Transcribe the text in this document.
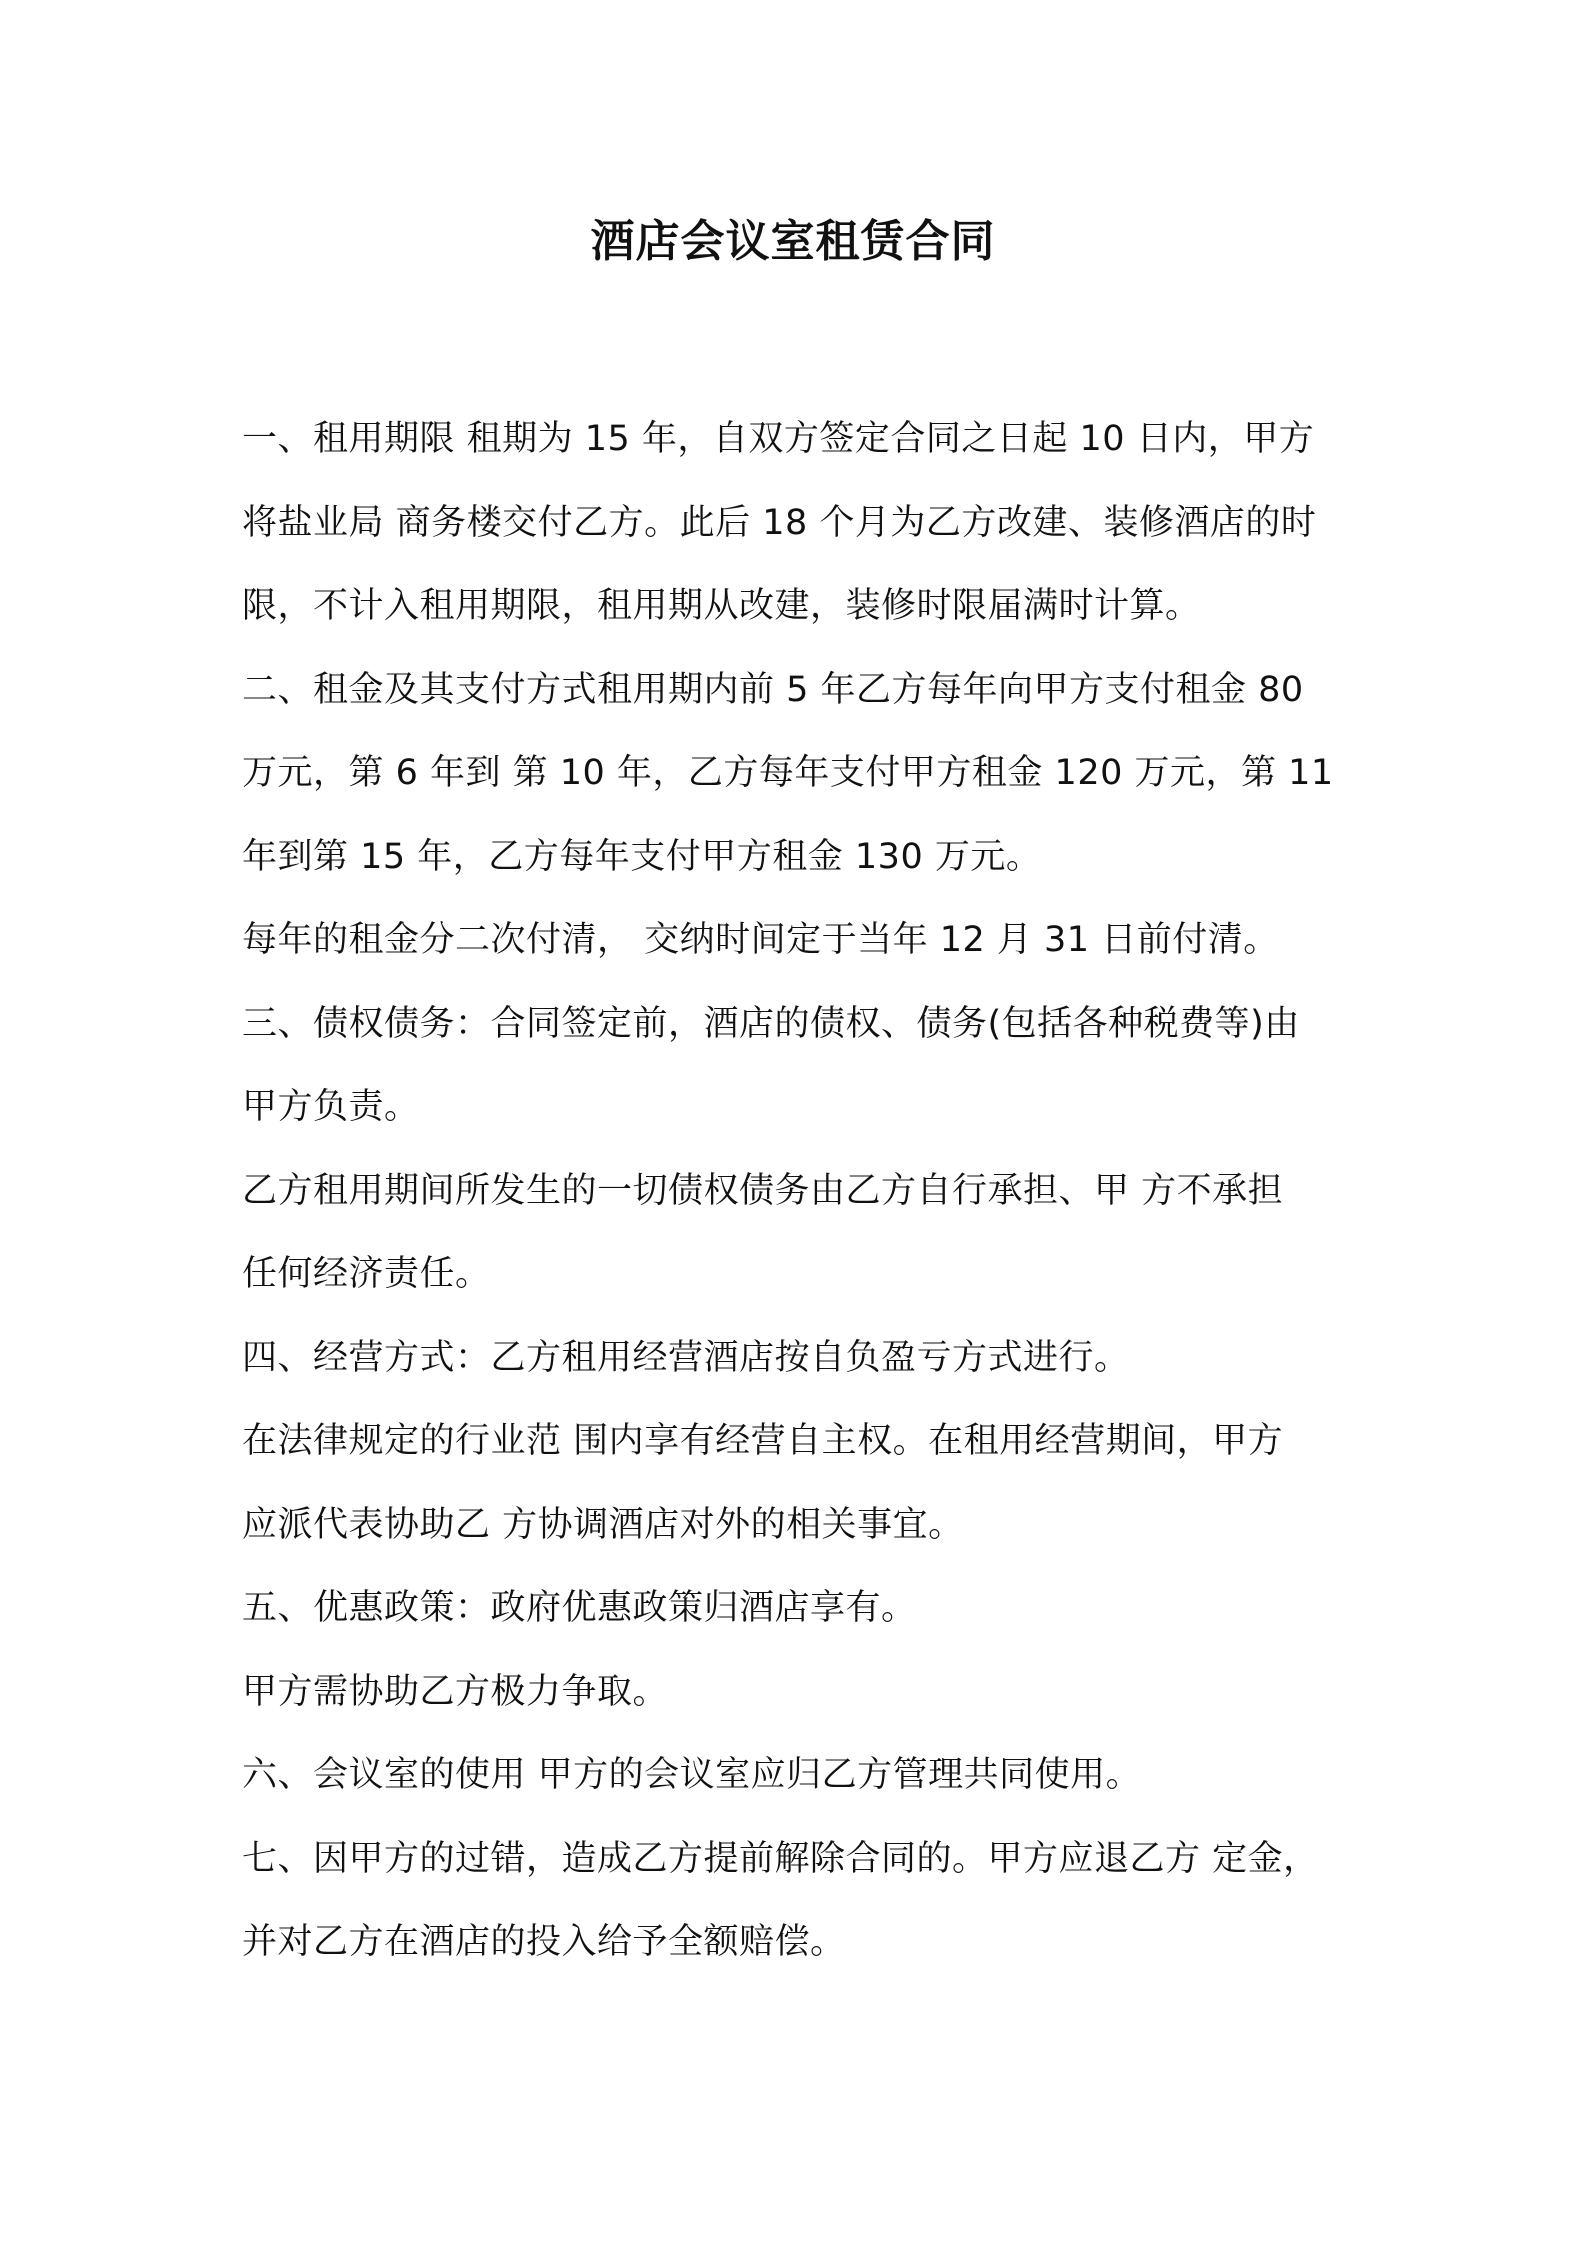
酒店会议室租赁合同
一、租用期限 租期为 15 年，自双方签定合同之日起 10 日内，甲方
将盐业局 商务楼交付乙方。此后 18 个月为乙方改建、装修酒店的时
限，不计入租用期限，租用期从改建，装修时限届满时计算。
二、租金及其支付方式租用期内前 5 年乙方每年向甲方支付租金 80
万元，第 6 年到 第 10 年，乙方每年支付甲方租金 120 万元，第 11
年到第 15 年，乙方每年支付甲方租金 130 万元。
每年的租金分二次付清， 交纳时间定于当年 12 月 31 日前付清。
三、债权债务：合同签定前，酒店的债权、债务(包括各种税费等)由
甲方负责。
乙方租用期间所发生的一切债权债务由乙方自行承担、甲 方不承担
任何经济责任。
四、经营方式：乙方租用经营酒店按自负盈亏方式进行。
在法律规定的行业范 围内享有经营自主权。在租用经营期间，甲方
应派代表协助乙 方协调酒店对外的相关事宜。
五、优惠政策：政府优惠政策归酒店享有。
甲方需协助乙方极力争取。
六、会议室的使用 甲方的会议室应归乙方管理共同使用。
七、因甲方的过错，造成乙方提前解除合同的。甲方应退乙方 定金，
并对乙方在酒店的投入给予全额赔偿。
